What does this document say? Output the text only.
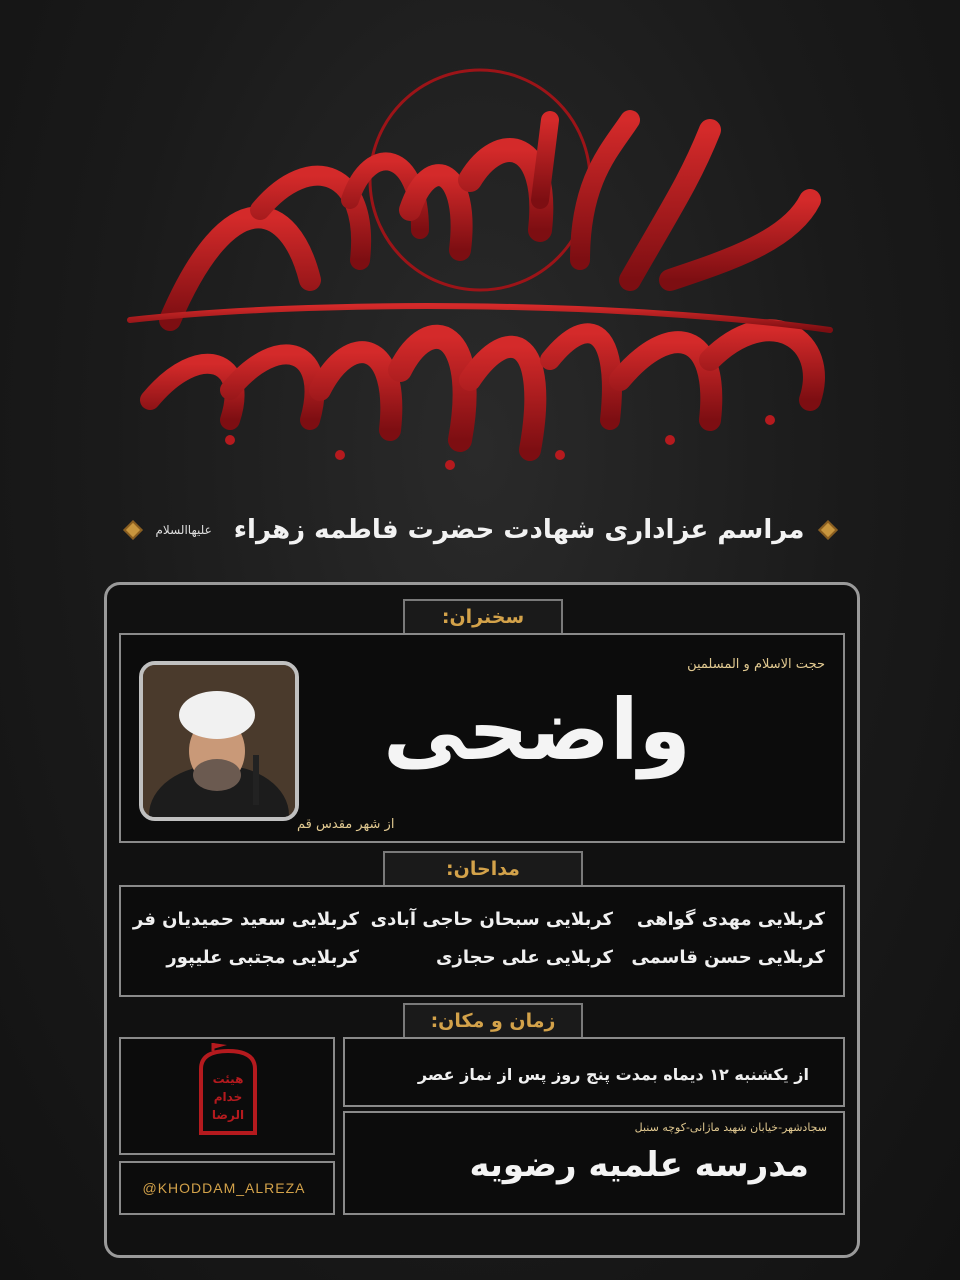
مراسم عزاداری شهادت حضرت فاطمه زهراء
علیهاالسلام
سخنران:
حجت الاسلام و المسلمین
واضحی
از شهر مقدس قم
مداحان:
کربلایی مهدی گواهی
کربلایی سبحان حاجی آبادی
کربلایی سعید حمیدیان فر
کربلایی حسن قاسمی
کربلایی علی حجازی
کربلایی مجتبی علیپور
زمان و مکان:
هیئت
خدام
الرضا
@KHODDAM_ALREZA
از یکشنبه ۱۲ دیماه بمدت پنج روز پس از نماز عصر
سجادشهر-خیابان شهید ماژانی-کوچه سنبل
مدرسه علمیه رضویه
